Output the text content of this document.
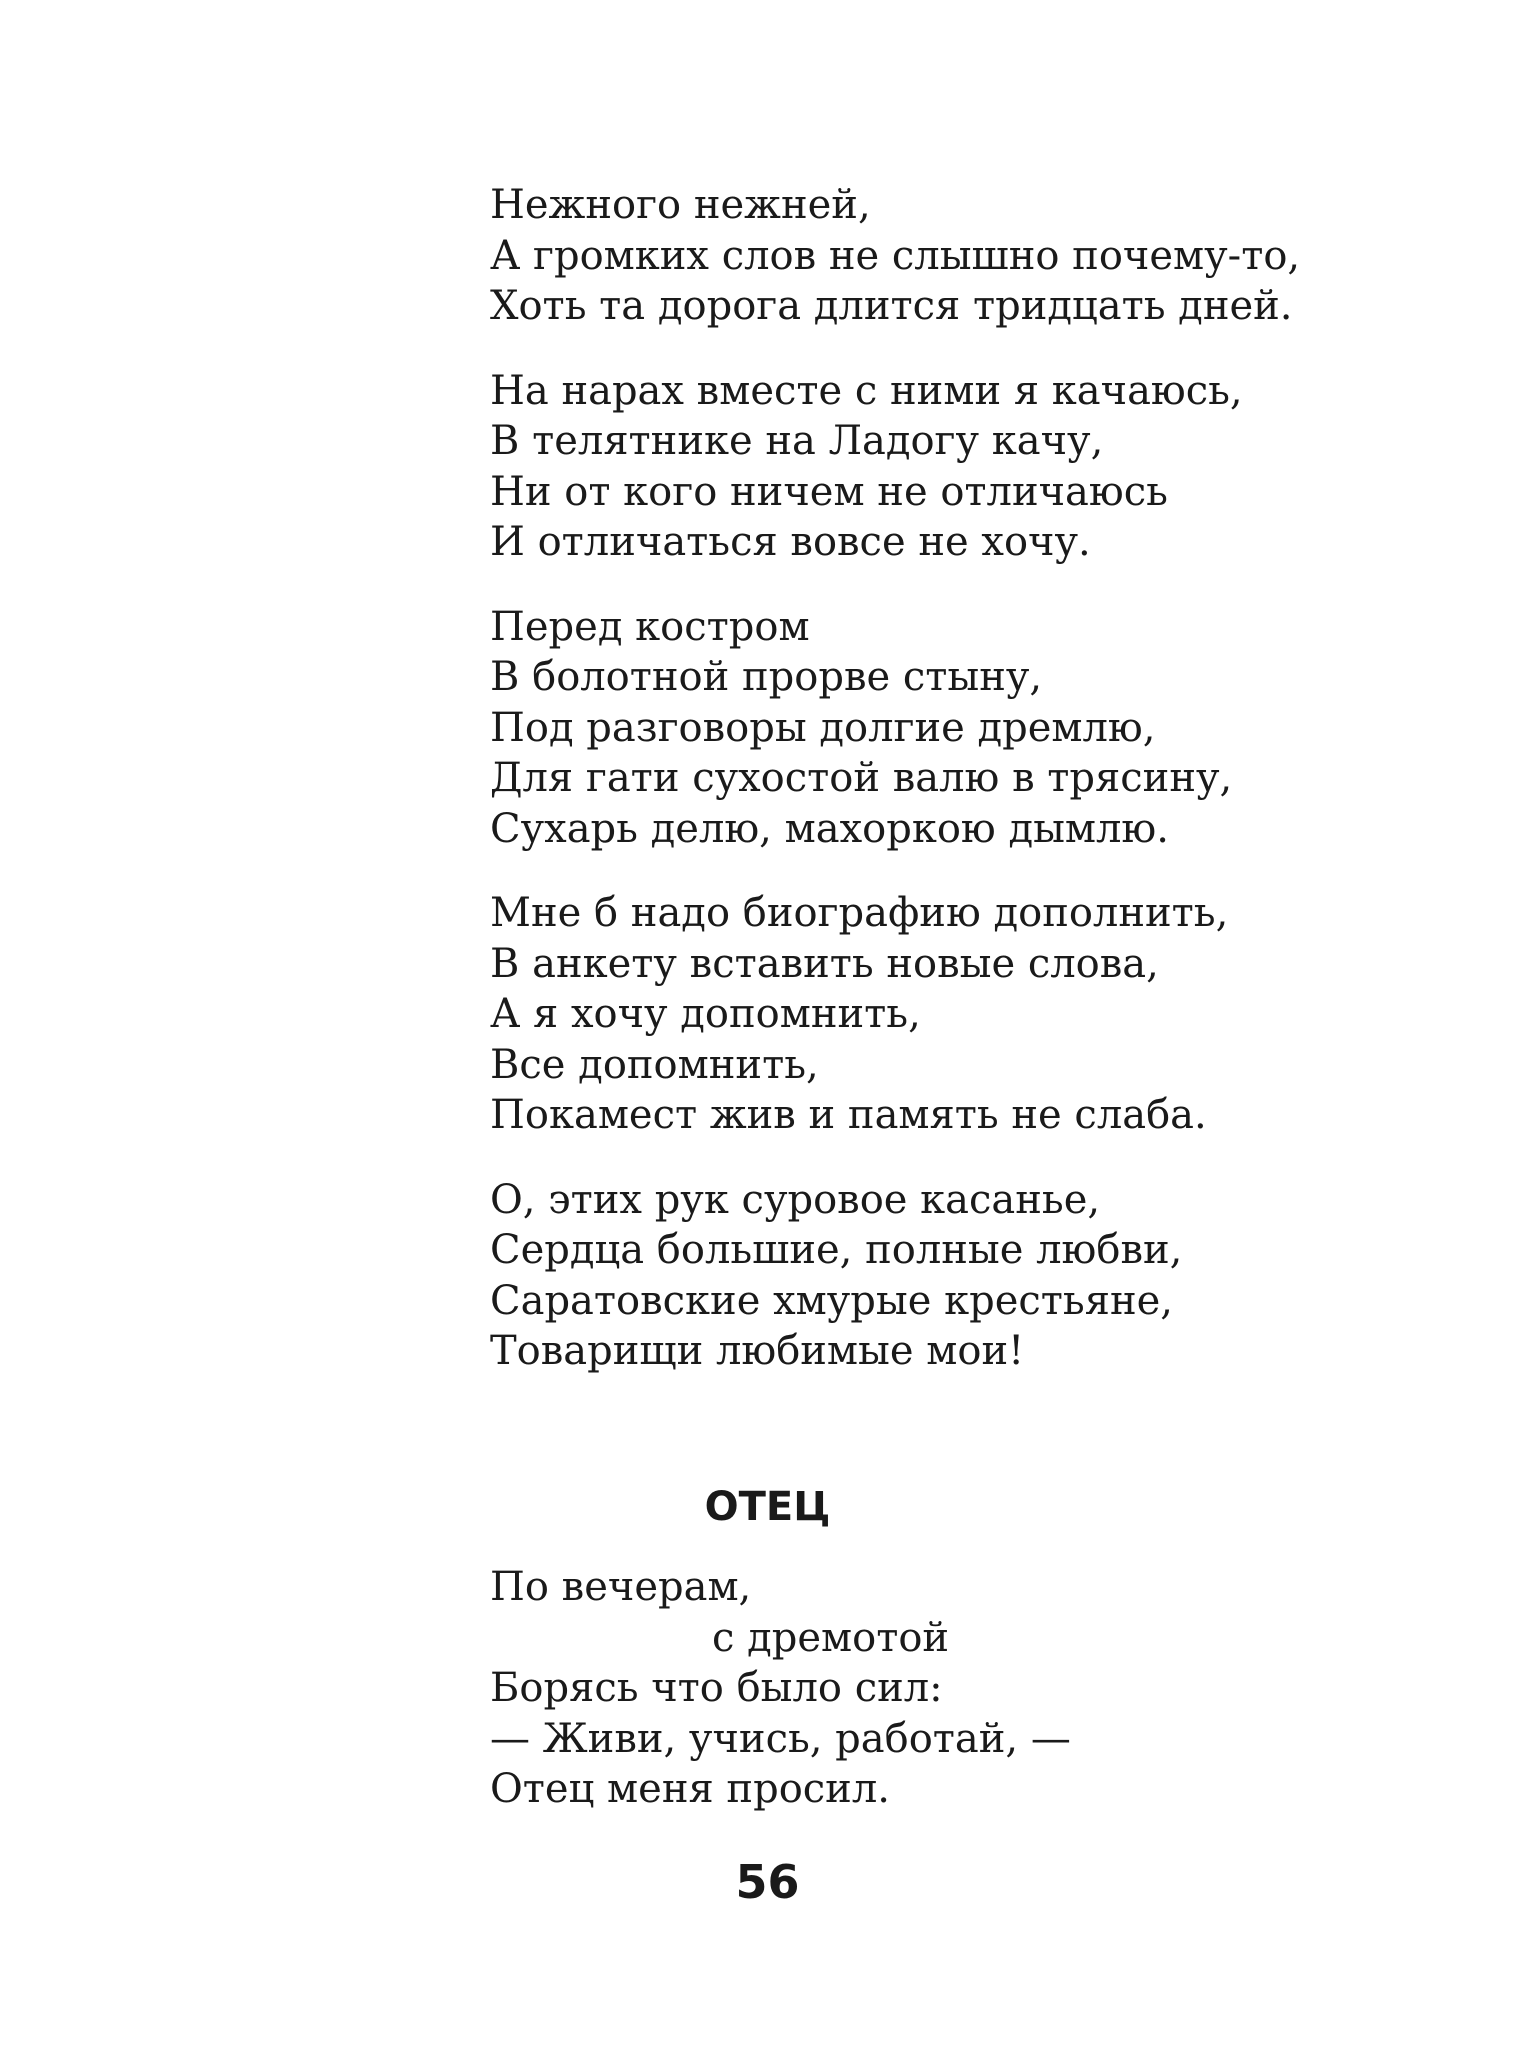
Нежного нежней,
А громких слов не слышно почему-то,
Хоть та дорога длится тридцать дней.
На нарах вместе с ними я качаюсь,
В телятнике на Ладогу качу,
Ни от кого ничем не отличаюсь
И отличаться вовсе не хочу.
Перед костром
В болотной прорве стыну,
Под разговоры долгие дремлю,
Для гати сухостой валю в трясину,
Сухарь делю, махоркою дымлю.
Мне б надо биографию дополнить,
В анкету вставить новые слова,
А я хочу допомнить,
Все допомнить,
Покамест жив и память не слаба.
О, этих рук суровое касанье,
Сердца большие, полные любви,
Саратовские хмурые крестьяне,
Товарищи любимые мои!
ОТЕЦ
По вечерам,
с дремотой
Борясь что было сил:
— Живи, учись, работай, —
Отец меня просил.
56
